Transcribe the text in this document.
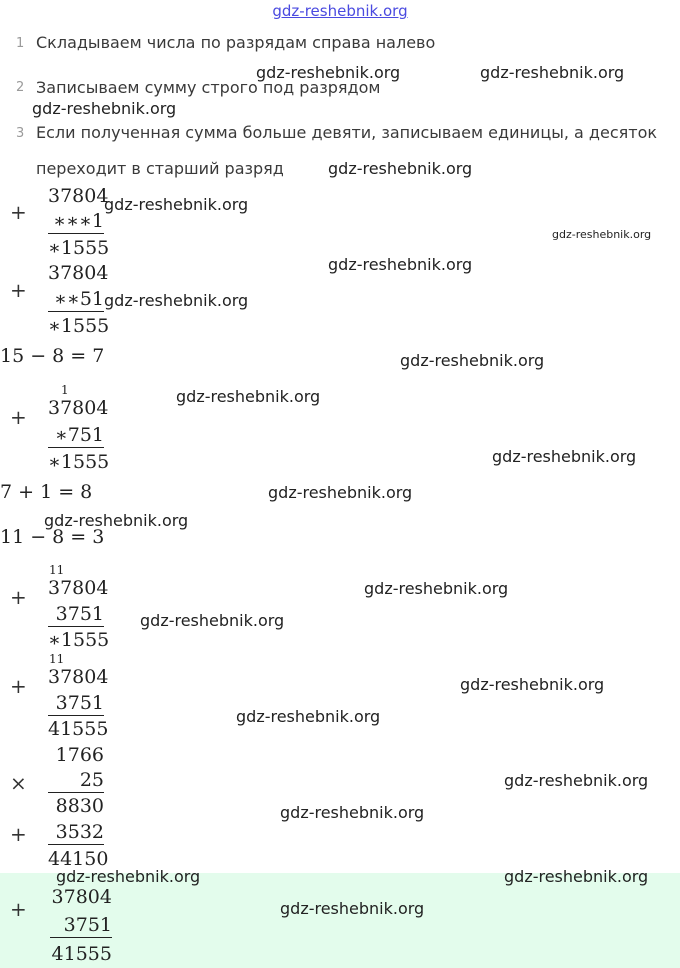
gdz-reshebnik.org
1 Складываем числа по разрядам справа налево
2 Записываем сумму строго под разрядом
3 Если полученная сумма больше девяти, записываем единицы, а десяток
переходит в старший разряд
+
37804
∗∗∗1
∗1555
+
37804
∗∗51
∗1555
15 − 8 = 7
1
+ 37804
∗751
∗1555
7 + 1 = 8
11 − 8 = 3
11
+ 37804
3751
∗1555
11
+ 37804
3751
41555
1766
×	25
8830
+	3532
44150
+ 37804
3751
41555
gdz-reshebnik.org	gdz-reshebnik.org
gdz-reshebnik.org
gdz-reshebnik.org
gdz-reshebnik.org
gdz-reshebnik.org
gdz-reshebnik.org
gdz-reshebnik.org
gdz-reshebnik.org
gdz-reshebnik.org
gdz-reshebnik.org
gdz-reshebnik.org
gdz-reshebnik.org
gdz-reshebnik.org
gdz-reshebnik.org
gdz-reshebnik.org
gdz-reshebnik.org
gdz-reshebnik.org
gdz-reshebnik.org
gdz-reshebnik.org	gdz-reshebnik.org
gdz-reshebnik.org
